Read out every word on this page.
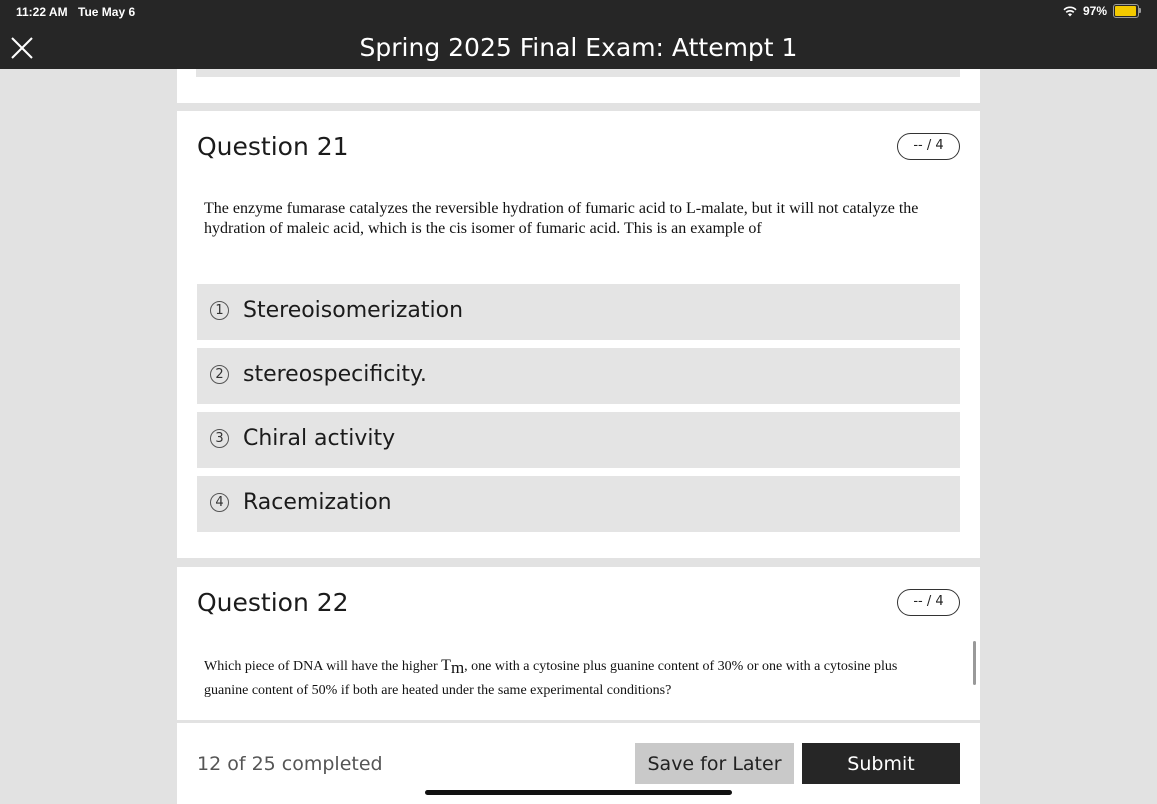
11:22 AM Tue May 6	97%
Spring 2025 Final Exam: Attempt 1
Question 21	-- / 4
The enzyme fumarase catalyzes the reversible hydration of fumaric acid to L-malate, but it will not catalyze the hydration of maleic acid, which is the cis isomer of fumaric acid. This is an example of
1 Stereoisomerization
2 stereospecificity.
3 Chiral activity
4 Racemization
Question 22	-- / 4
Which piece of DNA will have the higher $T_m$, one with a cytosine plus guanine content of 30% or one with a cytosine plus guanine content of 50% if both are heated under the same experimental conditions?
12 of 25 completed	Save for Later	Submit
